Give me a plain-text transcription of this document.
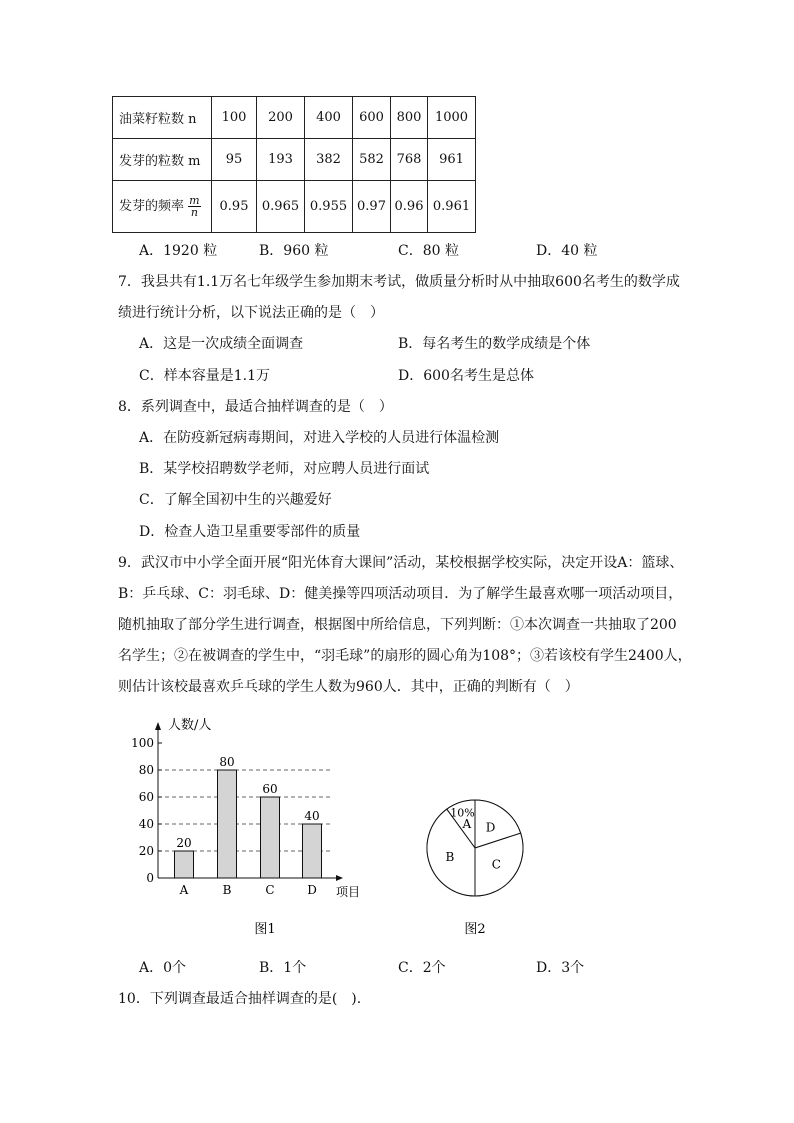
油菜籽粒数 n	100	200	400	600	800	1000
发芽的粒数 m	95	193	382	582	768	961
发芽的频率 $\frac{m}{n}$	0.95	0.965	0.955	0.97	0.96	0.961
A．1920 粒	B．960 粒	C．80 粒	D．40 粒
7．我县共有1.1万名七年级学生参加期末考试，做质量分析时从中抽取600名考生的数学成
绩进行统计分析，以下说法正确的是（　）
A．这是一次成绩全面调查	B．每名考生的数学成绩是个体
C．样本容量是1.1万	D．600名考生是总体
8．系列调查中，最适合抽样调查的是（　）
A．在防疫新冠病毒期间，对进入学校的人员进行体温检测
B．某学校招聘数学老师，对应聘人员进行面试
C．了解全国初中生的兴趣爱好
D．检查人造卫星重要零部件的质量
9．武汉市中小学全面开展“阳光体育大课间”活动，某校根据学校实际，决定开设A：篮球、
B：乒乓球、C：羽毛球、D：健美操等四项活动项目．为了解学生最喜欢哪一项活动项目，
随机抽取了部分学生进行调查，根据图中所给信息，下列判断：①本次调查一共抽取了200
名学生；②在被调查的学生中，“羽毛球”的扇形的圆心角为108°；③若该校有学生2400人，
则估计该校最喜欢乒乓球的学生人数为960人．其中，正确的判断有（　）
0
20
40
60
80
100
人数/人
项目
20
A
80
B
60
C
40
D
图1
A D
C
B
10%
图2
A．0个	B．1个	C．2个	D．3个
10．下列调查最适合抽样调查的是(　).
